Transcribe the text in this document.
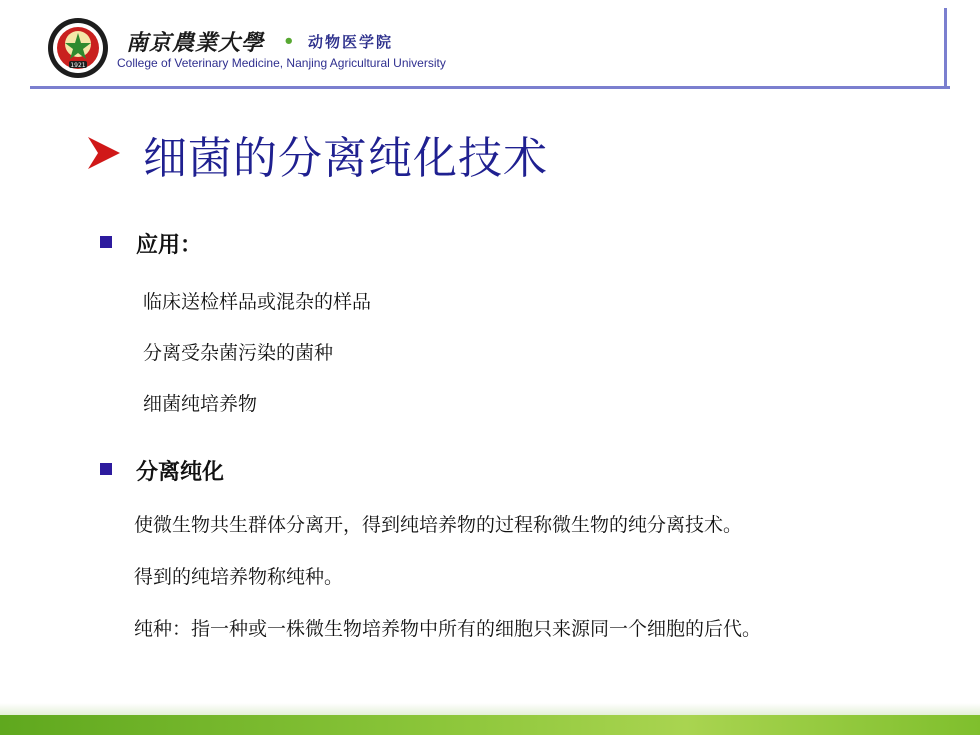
1921
南京農業大學 • 动物医学院
College of Veterinary Medicine, Nanjing Agricultural University
细菌的分离纯化技术
应用：
临床送检样品或混杂的样品
分离受杂菌污染的菌种
细菌纯培养物
分离纯化
使微生物共生群体分离开，得到纯培养物的过程称微生物的纯分离技术。
得到的纯培养物称纯种。
纯种：指一种或一株微生物培养物中所有的细胞只来源同一个细胞的后代。
